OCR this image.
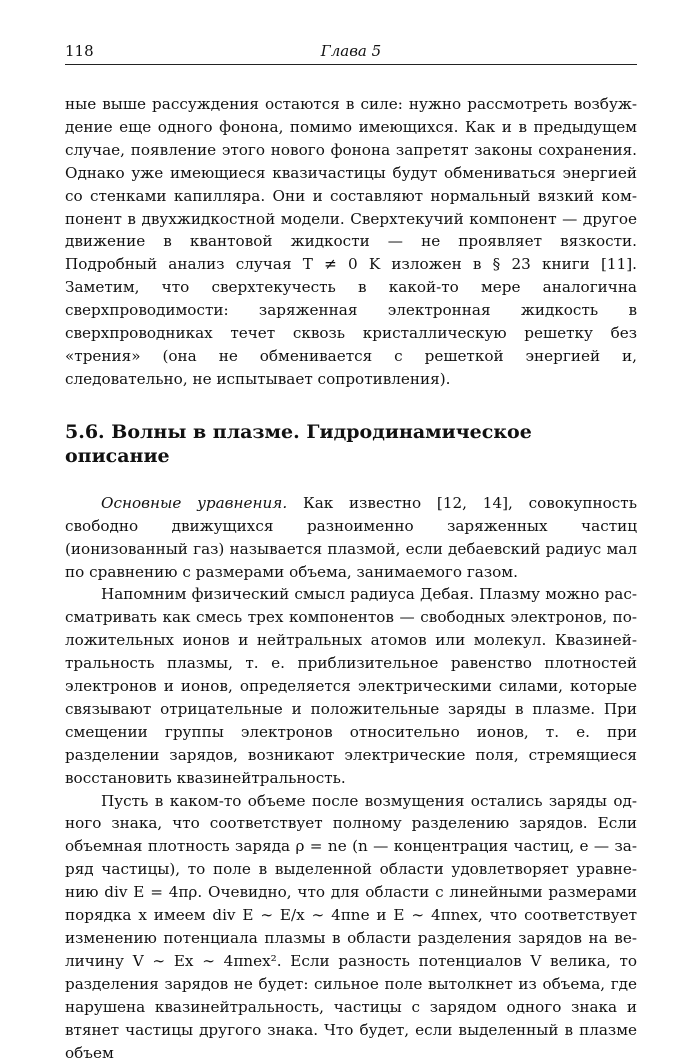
118	Глава 5

ные выше рассуждения остаются в силе: нужно рассмотреть возбуждение еще одного фонона, помимо имеющихся. Как и в предыдущем случае, появление этого нового фонона запретят законы сохранения. Однако уже имеющиеся квазичастицы будут обмениваться энергией со стенками капилляра. Они и составляют нормальный вязкий компонент в двухжидкостной модели. Сверхтекучий компонент — другое движение в квантовой жидкости — не проявляет вязкости. Подробный анализ случая T ≠ 0 K изложен в § 23 книги [11]. Заметим, что сверхтекучесть в какой-то мере аналогична сверхпроводимости: заряженная электронная жидкость в сверхпроводниках течет сквозь кристаллическую решетку без «трения» (она не обменивается с решеткой энергией и, следовательно, не испытывает сопротивления).

5.6. Волны в плазме. Гидродинамическое описание

Основные уравнения. Как известно [12, 14], совокупность свободно движущихся разноименно заряженных частиц (ионизованный газ) называется плазмой, если дебаевский радиус мал по сравнению с размерами объема, занимаемого газом.

Напомним физический смысл радиуса Дебая. Плазму можно рассматривать как смесь трех компонентов — свободных электронов, положительных ионов и нейтральных атомов или молекул. Квазинейтральность плазмы, т. е. приблизительное равенство плотностей электронов и ионов, определяется электрическими силами, которые связывают отрицательные и положительные заряды в плазме. При смещении группы электронов относительно ионов, т. е. при разделении зарядов, возникают электрические поля, стремящиеся восстановить квазинейтральность.

Пусть в каком-то объеме после возмущения остались заряды одного знака, что соответствует полному разделению зарядов. Если объемная плотность заряда ρ = ne (n — концентрация частиц, e — заряд частицы), то поле в выделенной области удовлетворяет уравнению div E = 4πρ. Очевидно, что для области с линейными размерами порядка x имеем div E ∼ E/x ∼ 4πne и E ∼ 4πnex, что соответствует изменению потенциала плазмы в области разделения зарядов на величину V ∼ Ex ∼ 4πnex². Если разность потенциалов V велика, то разделения зарядов не будет: сильное поле вытолкнет из объема, где нарушена квазинейтральность, частицы с зарядом одного знака и втянет частицы другого знака. Что будет, если выделенный в плазме объем
